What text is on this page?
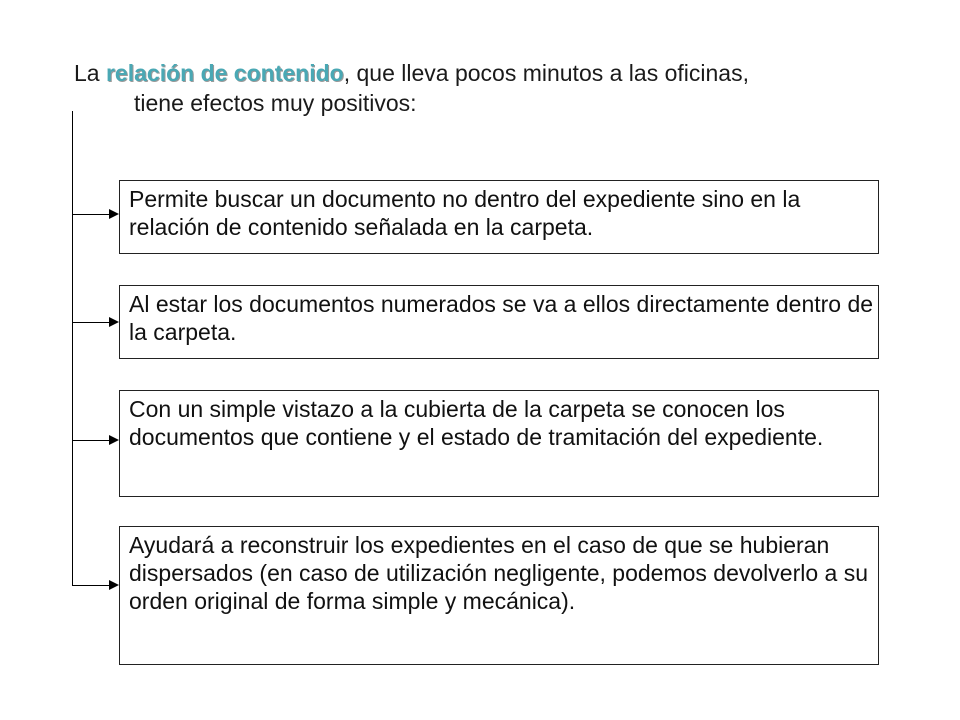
La relación de contenido, que lleva pocos minutos a las oficinas,
tiene efectos muy positivos:
Permite buscar un documento no dentro del expediente sino en la relación de contenido señalada en la carpeta.
Al estar los documentos numerados se va a ellos directamente dentro de la carpeta.
Con un simple vistazo a la cubierta de la carpeta se conocen los documentos que contiene y el estado de tramitación del expediente.
Ayudará a reconstruir los expedientes en el caso de que se hubieran dispersados (en caso de utilización negligente, podemos devolverlo a su orden original de forma simple y mecánica).
